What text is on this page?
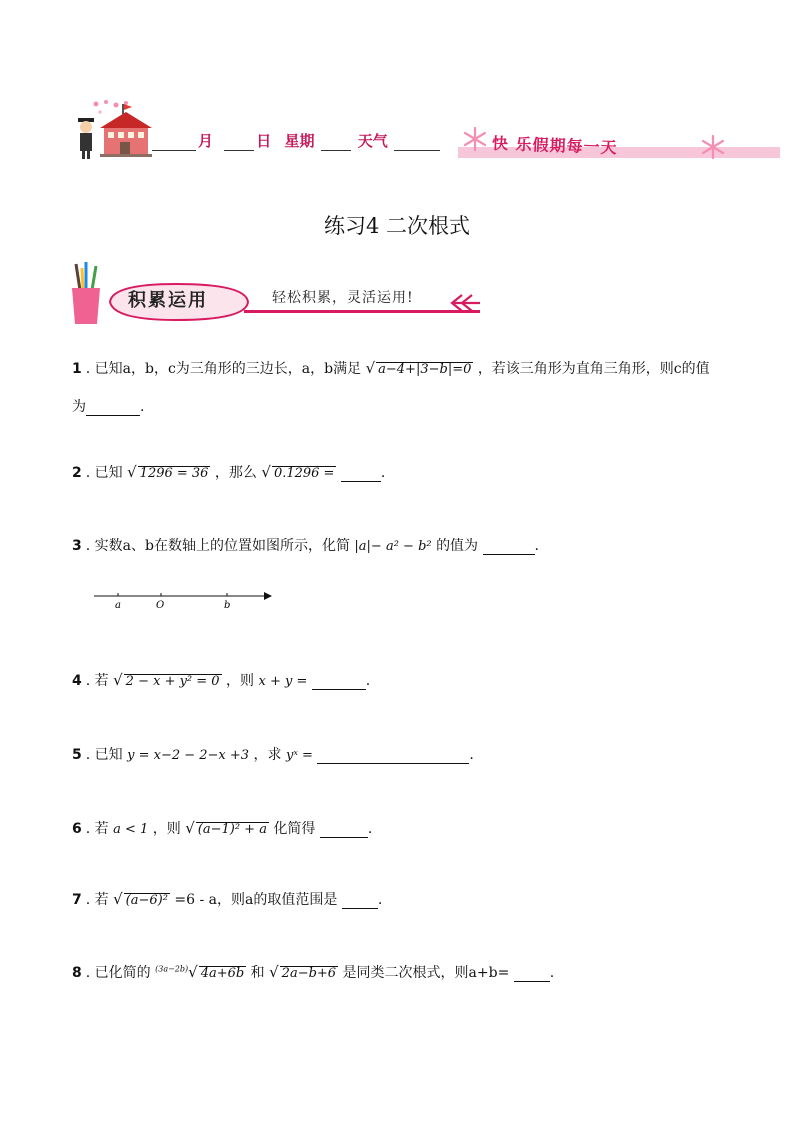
月	日 星期	天气	快 乐假期每一天
练习4 二次根式
积累运用	轻松积累，灵活运用!
1 . 已知a，b，c为三角形的三边长，a，b满足 √ a−4+|3−b|=0 ，若该三角形为直角三角形，则c的值
为	.
2 . 已知 √ 1296 = 36 ，那么 √ 0.1296 =	.
3 . 实数a、b在数轴上的位置如图所示，化简 |a|− a² − b² 的值为	.
a	O	b
4 . 若 √ 2 − x + y² = 0 ，则 x + y =	.
5 . 已知 y = x−2 − 2−x +3 ，求 yˣ =	.
6 . 若 a < 1 ，则 √ (a−1)² + a 化简得	.
7 . 若 √ (a−6)² =6 - a，则a的取值范围是	.
8 . 已化简的 $^{(3a-2b)}$√ 4a+6b 和 √ 2a−b+6 是同类二次根式，则a+b=	.
